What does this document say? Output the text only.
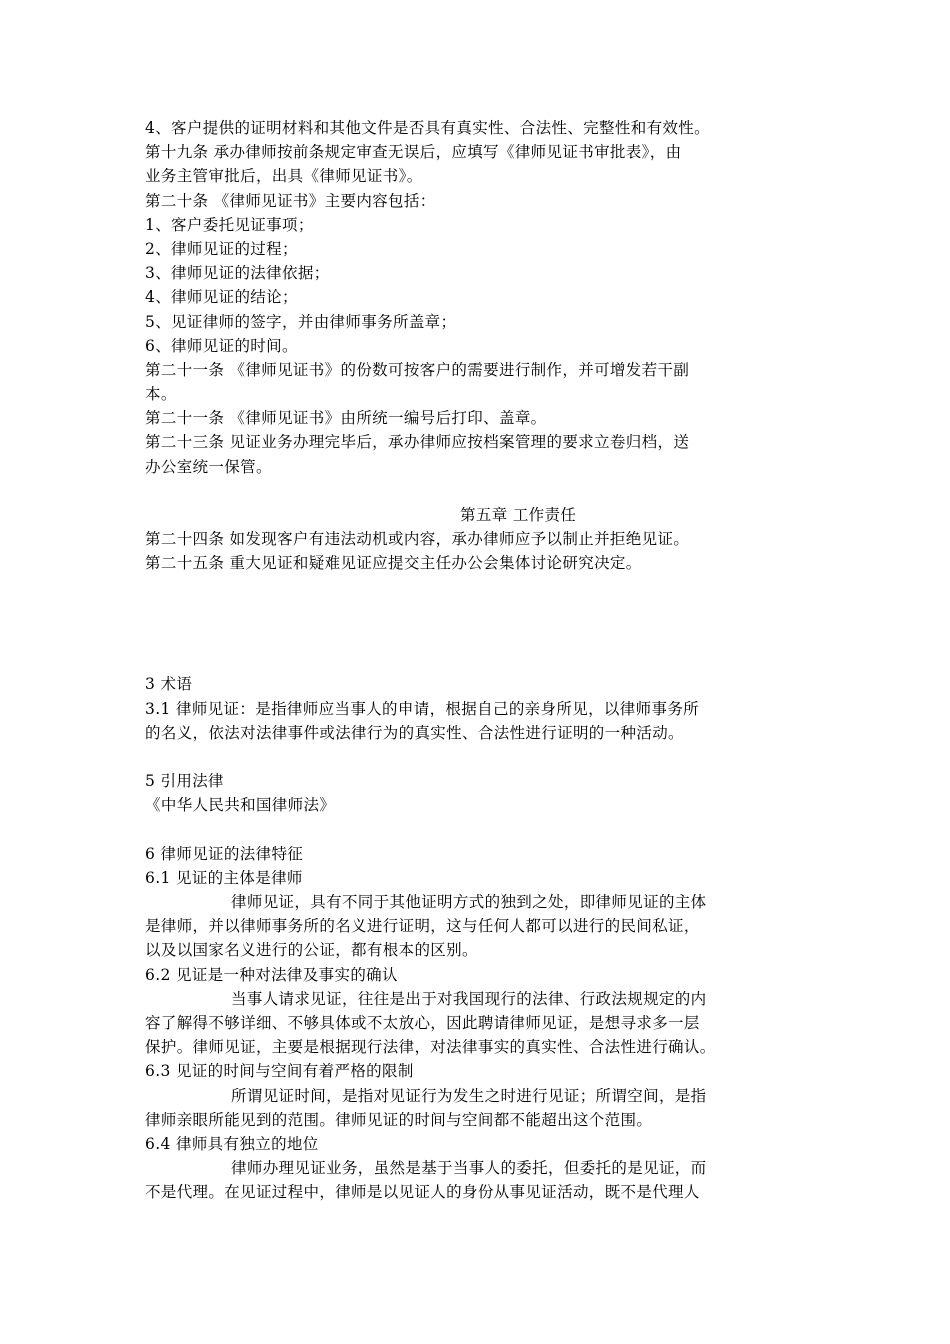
4、客户提供的证明材料和其他文件是否具有真实性、合法性、完整性和有效性。
第十九条 承办律师按前条规定审查无误后，应填写《律师见证书审批表》，由
业务主管审批后，出具《律师见证书》。
第二十条 《律师见证书》主要内容包括：
1、客户委托见证事项；
2、律师见证的过程；
3、律师见证的法律依据；
4、律师见证的结论；
5、见证律师的签字，并由律师事务所盖章；
6、律师见证的时间。
第二十一条 《律师见证书》的份数可按客户的需要进行制作，并可增发若干副
本。
第二十一条 《律师见证书》由所统一编号后打印、盖章。
第二十三条 见证业务办理完毕后，承办律师应按档案管理的要求立卷归档，送
办公室统一保管。
第五章 工作责任
第二十四条 如发现客户有违法动机或内容，承办律师应予以制止并拒绝见证。
第二十五条 重大见证和疑难见证应提交主任办公会集体讨论研究决定。
3 术语
3.1 律师见证：是指律师应当事人的申请，根据自己的亲身所见，以律师事务所
的名义，依法对法律事件或法律行为的真实性、合法性进行证明的一种活动。
5 引用法律
《中华人民共和国律师法》
6 律师见证的法律特征
6.1 见证的主体是律师
律师见证，具有不同于其他证明方式的独到之处，即律师见证的主体
是律师，并以律师事务所的名义进行证明，这与任何人都可以进行的民间私证，
以及以国家名义进行的公证，都有根本的区别。
6.2 见证是一种对法律及事实的确认
当事人请求见证，往往是出于对我国现行的法律、行政法规规定的内
容了解得不够详细、不够具体或不太放心，因此聘请律师见证，是想寻求多一层
保护。律师见证，主要是根据现行法律，对法律事实的真实性、合法性进行确认。
6.3 见证的时间与空间有着严格的限制
所谓见证时间，是指对见证行为发生之时进行见证；所谓空间，是指
律师亲眼所能见到的范围。律师见证的时间与空间都不能超出这个范围。
6.4 律师具有独立的地位
律师办理见证业务，虽然是基于当事人的委托，但委托的是见证，而
不是代理。在见证过程中，律师是以见证人的身份从事见证活动，既不是代理人
